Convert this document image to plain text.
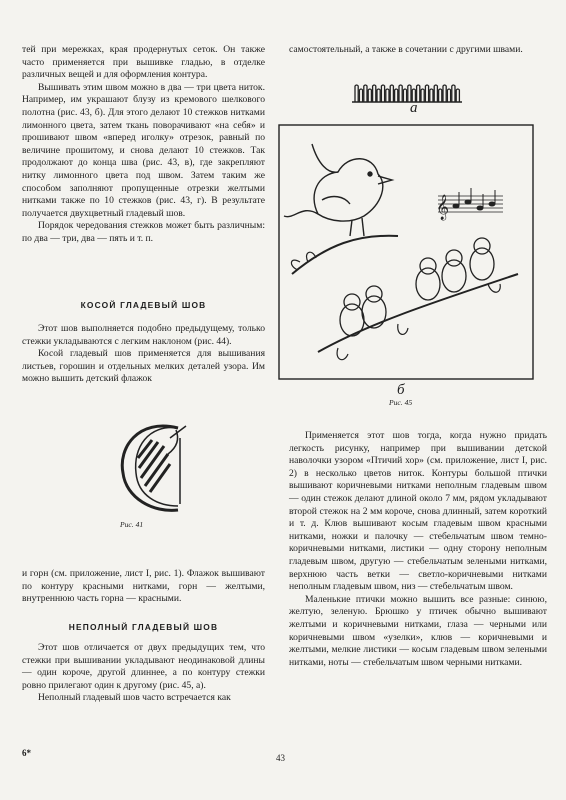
тей при мережках, края продернутых сеток. Он также часто применяется при вышивке гладью, в отделке различных вещей и для оформления контура.

Вышивать этим швом можно в два — три цвета ниток. Например, им украшают блузу из кремового шелкового полотна (рис. 43, б). Для этого делают 10 стежков нитками лимонного цвета, затем ткань поворачивают «на себя» и прошивают швом «вперед иголку» отрезок, равный по величине прошитому, и снова делают 10 стежков. Так продолжают до конца шва (рис. 43, в), где закрепляют нитку лимонного цвета под швом. Затем таким же способом заполняют пропущенные отрезки желтыми нитками также по 10 стежков (рис. 43, г). В результате получается двухцветный гладевый шов.

Порядок чередования стежков может быть различным: по два — три, два — пять и т. п.

КОСОЙ ГЛАДЕВЫЙ ШОВ

Этот шов выполняется подобно предыдущему, только стежки укладываются с легким наклоном (рис. 44).

Косой гладевый шов применяется для вышивания листьев, горошин и отдельных мелких деталей узора. Им можно вышить детский флажок

Рис. 41

и горн (см. приложение, лист I, рис. 1). Флажок вышивают по контуру красными нитками, горн — желтыми, внутреннюю часть горна — красными.

НЕПОЛНЫЙ ГЛАДЕВЫЙ ШОВ

Этот шов отличается от двух предыдущих тем, что стежки при вышивании укладывают неодинаковой длины — один короче, другой длиннее, а по контуру стежки ровно прилегают один к другому (рис. 45, а).

Неполный гладевый шов часто встречается как

самостоятельный, а также в сочетании с другими швами.

а
𝄞
б
Рис. 45

Применяется этот шов тогда, когда нужно придать легкость рисунку, например при вышивании детской наволочки узором «Птичий хор» (см. приложение, лист I, рис. 2) в несколько цветов ниток. Контуры большой птички вышивают коричневыми нитками неполным гладевым швом — один стежок делают длиной около 7 мм, рядом укладывают второй стежок на 2 мм короче, снова длинный, затем короткий и т. д. Клюв вышивают косым гладевым швом красными нитками, ножки и палочку — стебельчатым швом темно-коричневыми нитками, листики — одну сторону неполным гладевым швом, другую — стебельчатым зелеными нитками, верхнюю часть ветки — светло-коричневыми нитками неполным гладевым швом, низ — стебельчатым швом.

Маленькие птички можно вышить все разные: синюю, желтую, зеленую. Брюшко у птичек обычно вышивают желтыми и коричневыми нитками, глаза — черными или коричневыми швом «узелки», клюв — коричневыми и желтыми, мелкие листики — косым гладевым швом зелеными нитками, ноты — стебельчатым швом черными нитками.

6*	43
